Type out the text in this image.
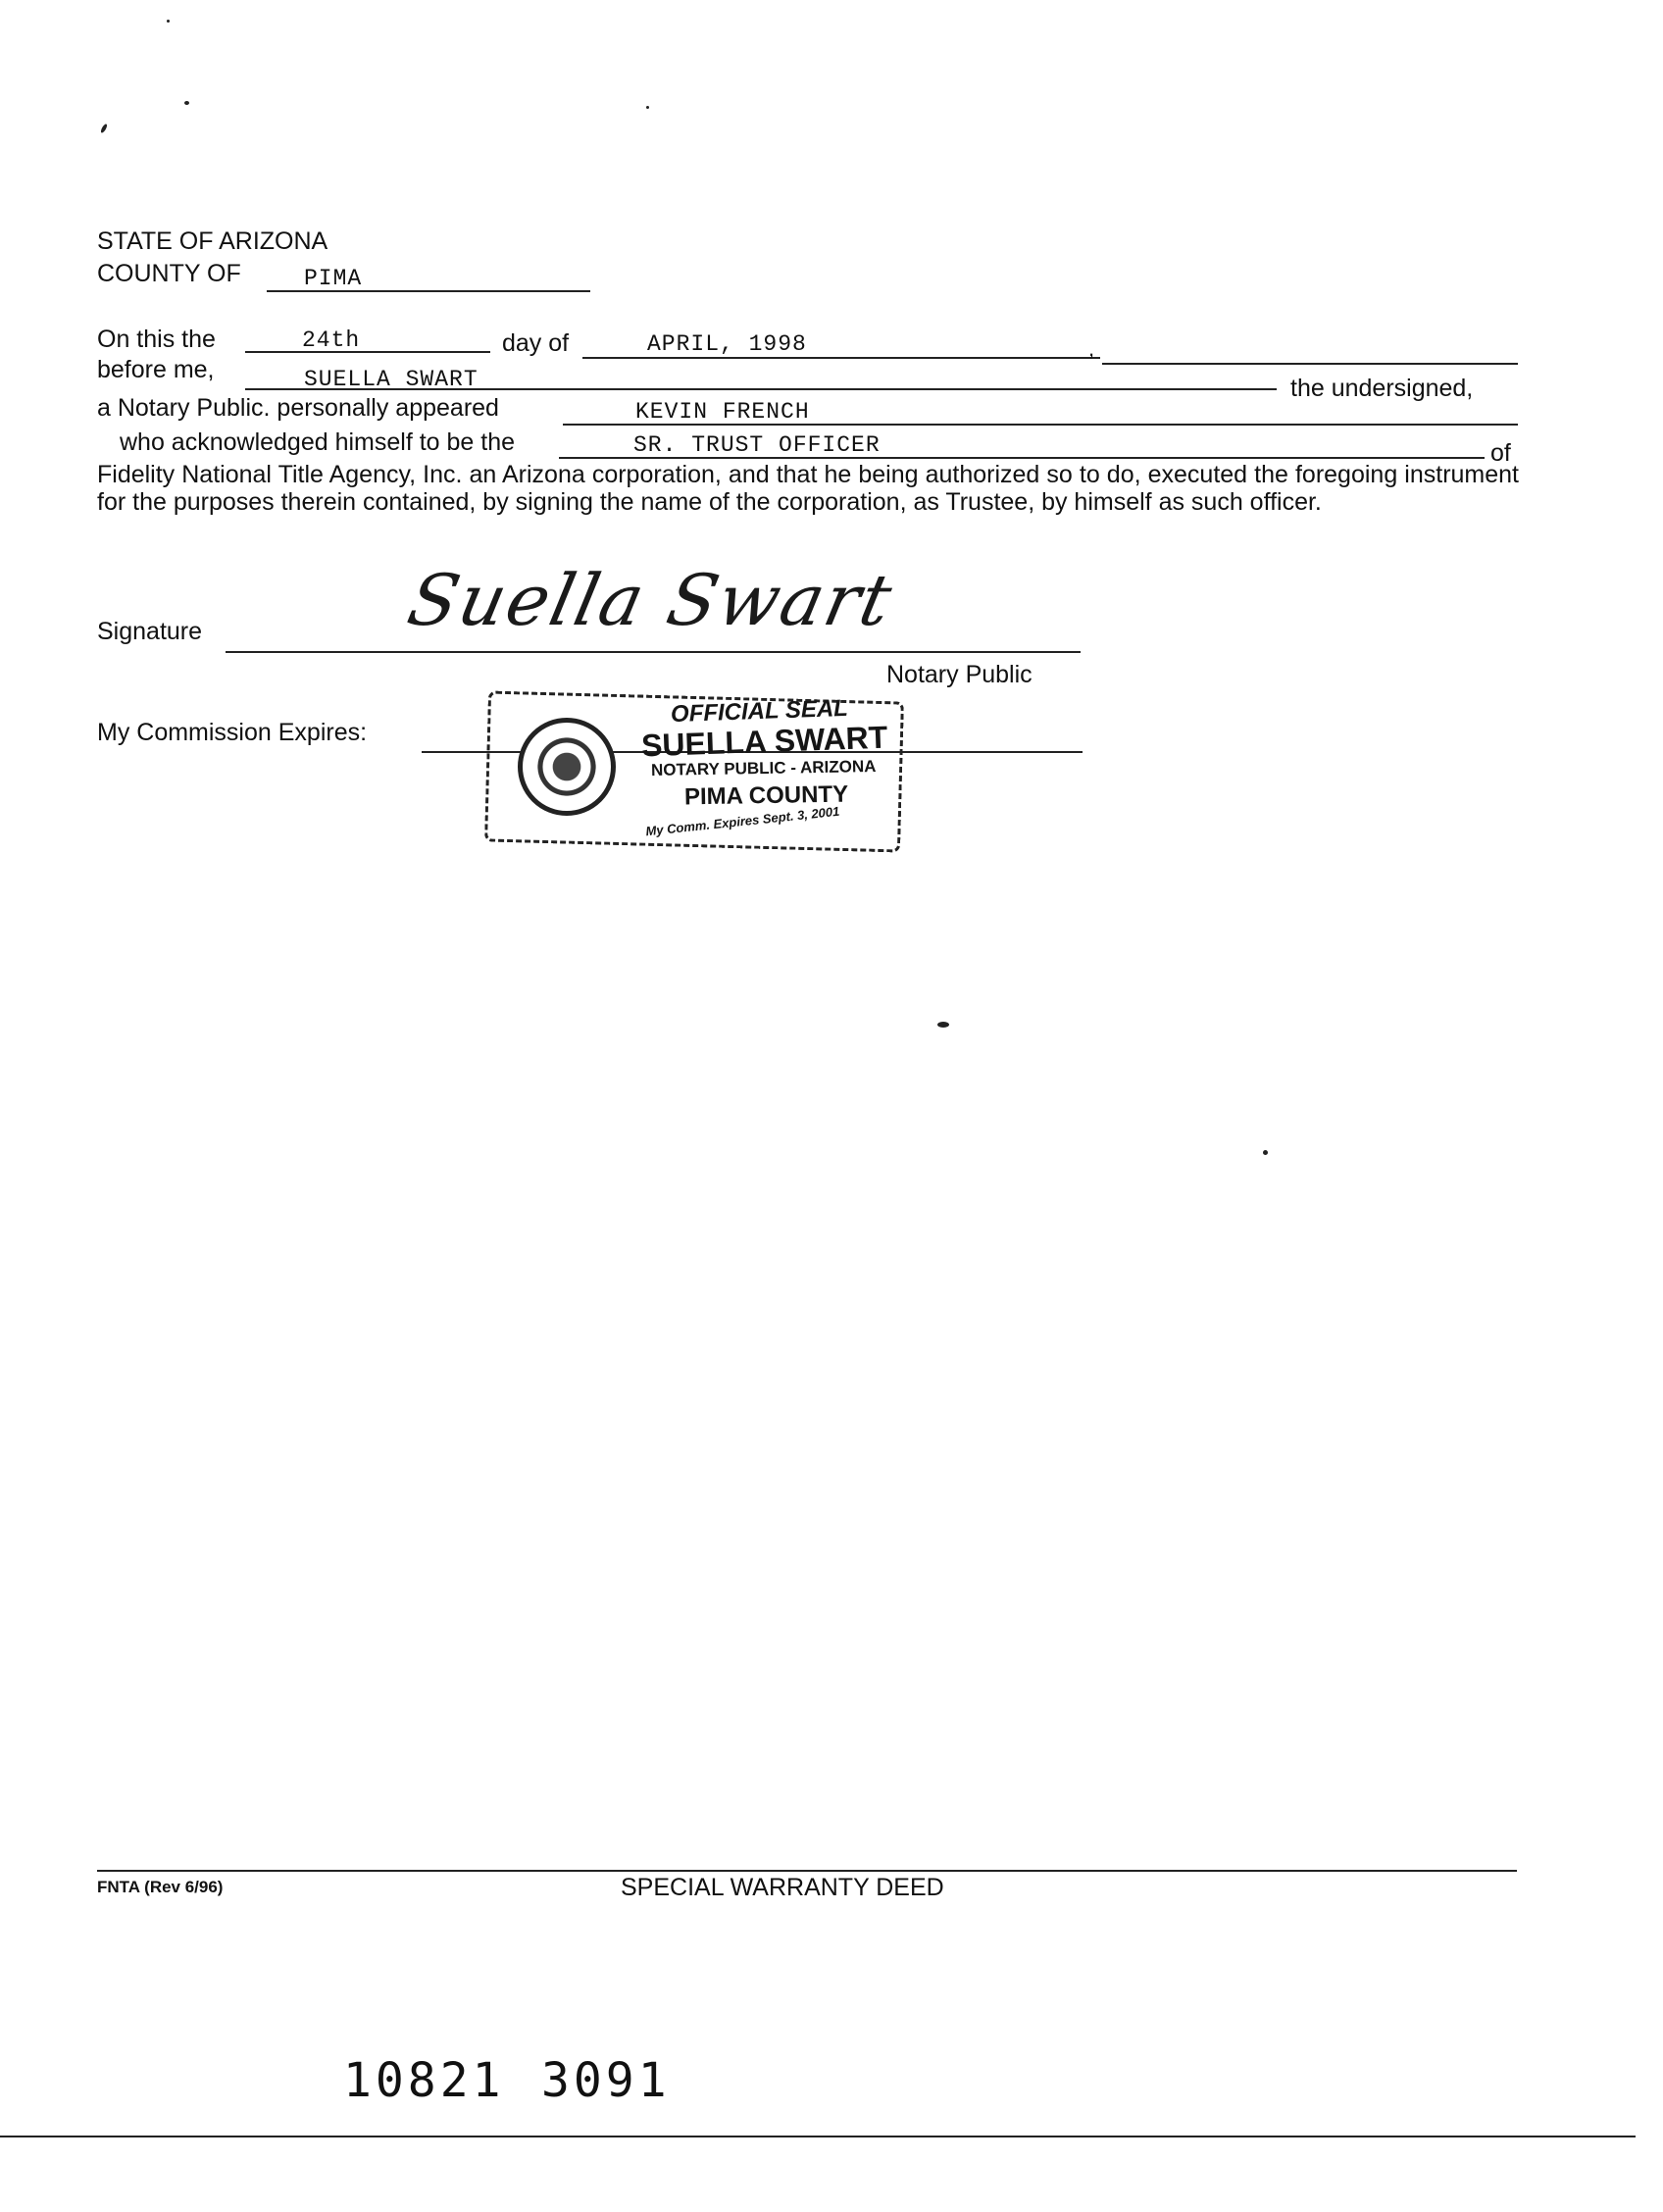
STATE OF ARIZONA
COUNTY OF	PIMA
On this the	24th	day of	APRIL, 1998	,
before me,	SUELLA SWART	the undersigned,
a Notary Public. personally appeared	KEVIN FRENCH
who acknowledged himself to be the	SR. TRUST OFFICER	of
Fidelity National Title Agency, Inc. an Arizona corporation, and that he being authorized so to do, executed the foregoing instrument for the purposes therein contained, by signing the name of the corporation, as Trustee, by himself as such officer.
Signature	Suella Swart
Notary Public
My Commission Expires:
OFFICIAL SEAL
SUELLA SWART
NOTARY PUBLIC - ARIZONA
PIMA COUNTY
My Comm. Expires Sept. 3, 2001
FNTA (Rev 6/96)	SPECIAL WARRANTY DEED
10821 3091
